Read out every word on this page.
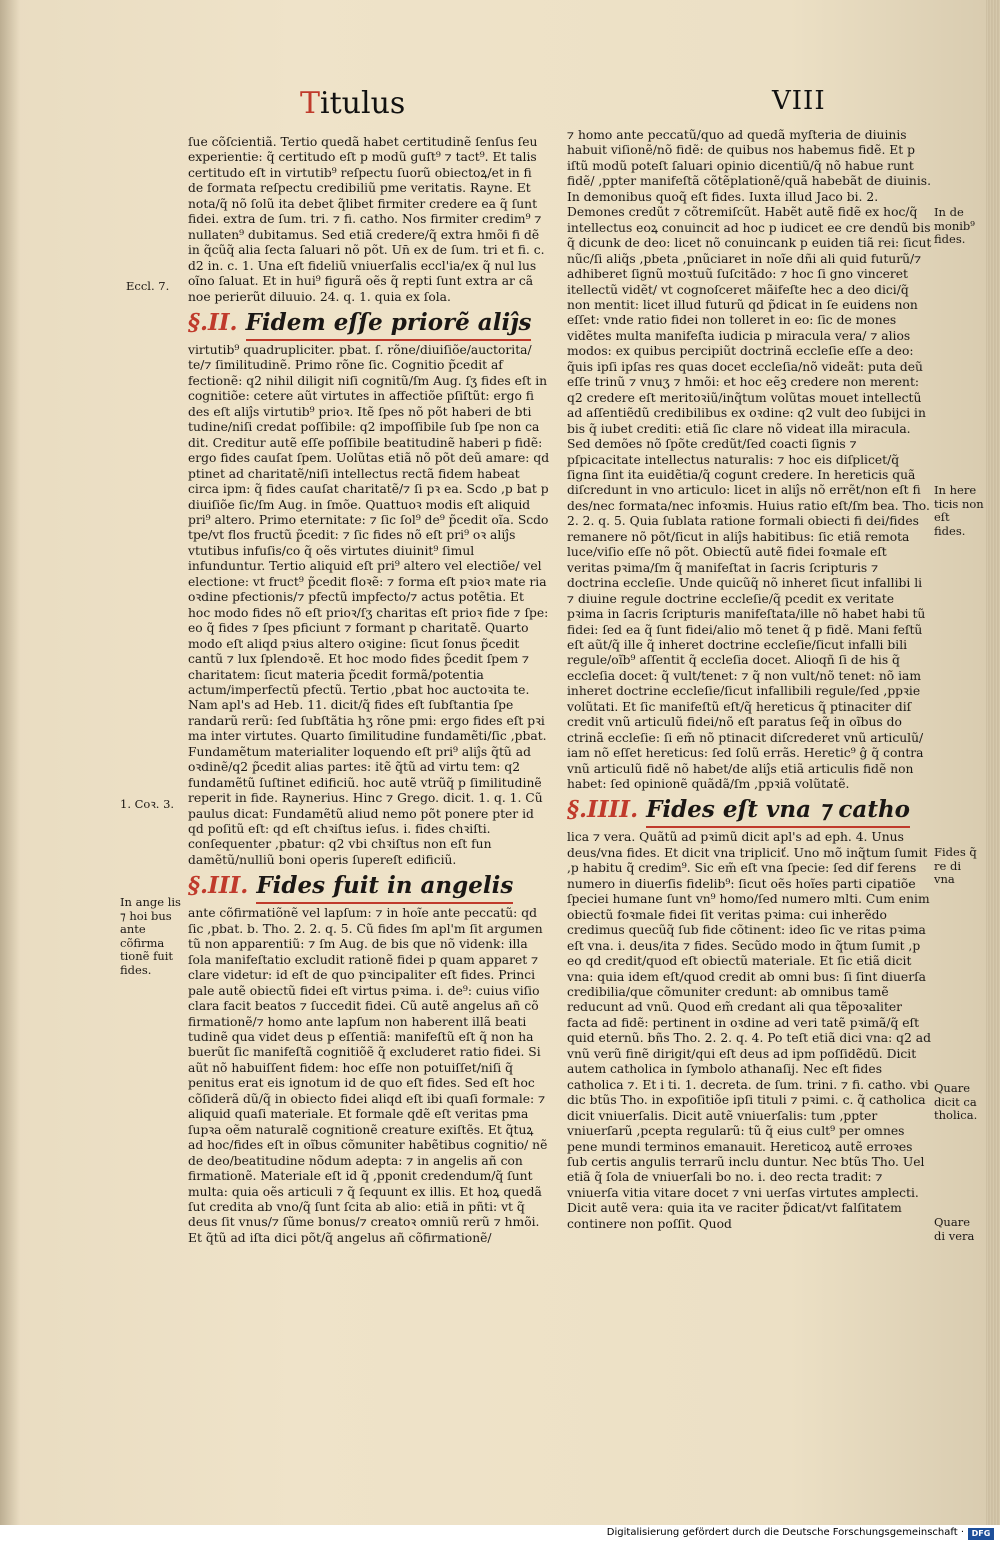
Titulus	VIII

ſue cõſcientiã. Tertio quedã habet certitudinẽ ſenſus ſeu experientie: q̃ certitudo eſt p modũ guſt⁹ ⁊ tact⁹. Et talis certitudo eſt in virtutib⁹ reſpectu ſuorũ obiectoꝝ/et in fi de formata reſpectu credibiliũ pme veritatis. Rayne. Et nota/q̃ nõ ſolũ ita debet q̃libet firmiter credere ea q̃ ſunt fidei. extra de ſum. tri. ⁊ fi. catho. Nos firmiter credim⁹ ⁊ nullaten⁹ dubitamus. Sed etiã credere/q̃ extra hmõi fi dẽ in q̃cũq̃ alia ſecta ſaluari nõ põt. Un̄ ex de ſum. tri et fi. c. d2 in. c. 1. Una eſt fideliũ vniuerſalis eccl'ia/ex q̃ nul lus oĩno ſaluat. Et in hui⁹ figurã oẽs q̃ repti ſunt extra ar cã noe perierũt diluuio. 24. q. 1. quia ex ſola.

§.II. Fidem eſſe priorẽ aliĵs

virtutib⁹ quadrupliciter. pbat. ſ. rõne/diuiſiõe/auctorita/ te/⁊ ſimilitudinẽ. Primo rõne ſic. Cognitio p̃cedit af fectionẽ: q2 nihil diligit niſi cognitũ/ſm Aug. ſʒ fides eſt in cognitiõe: cetere aũt virtutes in affectiõe pſiſtũt: ergo fi des eſt aliĵs virtutib⁹ prioꝛ. Itẽ ſpes nõ põt haberi de bti tudine/niſi credat poſſibile: q2 impoſſibile ſub ſpe non ca dit. Creditur autẽ eſſe poſſibile beatitudinẽ haberi p fidẽ: ergo fides cauſat ſpem. Uolũtas etiã nõ põt deũ amare: qd ptinet ad charitatẽ/niſi intellectus rectã fidem habeat circa ipm: q̃ fides cauſat charitatẽ/⁊ ſi pꝛ ea. Scdo ,p bat p diuiſiõe ſic/ſm Aug. in ſmõe. Quattuoꝛ modis eſt aliquid pri⁹ altero. Primo eternitate: ⁊ ſic ſol⁹ de⁹ p̃cedit oĩa. Scdo tpe/vt flos fructũ p̃cedit: ⁊ ſic fides nõ eſt pri⁹ oꝛ aliĵs vtutibus infuſis/co q̃ oẽs virtutes diuinit⁹ ſimul infunduntur. Tertio aliquid eſt pri⁹ altero vel electiõe/ vel electione: vt fruct⁹ p̃cedit floꝛẽ: ⁊ forma eſt pꝛioꝛ mate ria oꝛdine pfectionis/⁊ pfectũ impfecto/⁊ actus potẽtia. Et hoc modo fides nõ eſt prioꝛ/ſʒ charitas eſt prioꝛ fide ⁊ ſpe: eo q̃ fides ⁊ ſpes pficiunt ⁊ formant p charitatẽ. Quarto modo eſt aliqd pꝛius altero oꝛigine: ſicut ſonus p̃cedit cantũ ⁊ lux ſplendoꝛẽ. Et hoc modo fides p̃cedit ſpem ⁊ charitatem: ſicut materia p̃cedit formã/potentia actum/imperfectũ pfectũ. Tertio ,pbat hoc auctoꝛita te. Nam apl's ad Heb. 11. dicit/q̃ fides eſt ſubſtantia ſpe randarũ rerũ: ſed ſubſtãtia hʒ rõne pmi: ergo fides eſt pꝛi ma inter virtutes. Quarto ſimilitudine fundamẽti/ſic ,pbat. Fundamẽtum materialiter loquendo eſt pri⁹ aliĵs q̃tũ ad oꝛdinẽ/q2 p̃cedit alias partes: itẽ q̃tũ ad virtu tem: q2 fundamẽtũ ſuſtinet edificiũ. hoc autẽ vtrũq̃ p ſimilitudinẽ reperit in fide. Raynerius. Hinc ⁊ Grego. dicit. 1. q. 1. Cũ paulus dicat: Fundamẽtũ aliud nemo põt ponere pter id qd poſitũ eſt: qd eſt chꝛiſtus ieſus. i. fides chꝛiſti. conſequenter ,pbatur: q2 vbi chꝛiſtus non eſt fun damẽtũ/nulliũ boni operis ſupereſt edificiũ.

§.III. Fides fuit in angelis

ante cõfirmatiõnẽ vel lapſum: ⁊ in hoĩe ante peccatũ: qd ſic ,pbat. b. Tho. 2. 2. q. 5. Cũ fides ſm apl'm ſit argumen tũ non apparentiũ: ⁊ ſm Aug. de bis que nõ videnk: illa ſola manifeſtatio excludit rationẽ fidei p quam apparet ⁊ clare videtur: id eſt de quo pꝛincipaliter eſt fides. Princi pale autẽ obiectũ fidei eſt virtus pꝛima. i. de⁹: cuius viſio clara facit beatos ⁊ ſuccedit fidei. Cũ autẽ angelus añ cõ firmationẽ/⁊ homo ante lapſum non haberent illã beati tudinẽ qua videt deus p eſſentiã: manifeſtũ eſt q̃ non ha buerũt ſic manifeſtã cognitiõẽ q̃ excluderet ratio fidei. Si aũt nõ habuiſſent fidem: hoc eſſe non potuiſſet/niſi q̃ penitus erat eis ignotum id de quo eſt fides. Sed eſt hoc cõſiderã dũ/q̃ in obiecto fidei aliqd eſt ibi quaſi formale: ⁊ aliquid quaſi materiale. Et formale qdẽ eſt veritas pma ſupꝛa oẽm naturalẽ cognitionẽ creature exiſtẽs. Et q̃tuꝝ ad hoc/fides eſt in oĩbus cõmuniter habẽtibus cognitio/ nẽ de deo/beatitudine nõdum adepta: ⁊ in angelis añ con firmationẽ. Materiale eſt id q̃ ,pponit credendum/q̃ ſunt multa: quia oẽs articuli ⁊ q̃ ſequunt ex illis. Et hoꝝ quedã ſut credita ab vno/q̃ ſunt ſcita ab alio: etiã in pñti: vt q̃ deus ſit vnus/⁊ ſũme bonus/⁊ creatoꝛ omniũ rerũ ⁊ hmõi. Et q̃tũ ad iſta dici põt/q̃ angelus añ cõfirmationẽ/

⁊ homo ante peccatũ/quo ad quedã myſteria de diuinis habuit viſionẽ/nõ fidẽ: de quibus nos habemus fidẽ. Et p iſtũ modũ poteſt ſaluari opinio dicentiũ/q̃ nõ habue runt fidẽ/ ,ppter manifeſtã cõtẽplationẽ/quã habebãt de diuinis. In demonibus quoq̃ eſt fides. Iuxta illud Jaco bi. 2. Demones credũt ⁊ cõtremiſcũt. Habẽt autẽ fidẽ ex hoc/q̃ intellectus eoꝝ conuincit ad hoc p iudicet ee cre dendũ bis q̃ dicunk de deo: licet nõ conuincank p euiden tiã rei: ſicut nũc/ſi aliq̃s ,pbeta ,pnũciaret in noĩe dñi ali quid futurũ/⁊ adhiberet ſignũ moꝛtuũ ſuſcitãdo: ⁊ hoc ſi gno vinceret itellectũ vidẽt/ vt cognoſceret mãifeſte hec a deo dici/q̃ non mentit: licet illud futurũ qd p̃dicat in ſe euidens non eſſet: vnde ratio fidei non tolleret in eo: ſic de mones vidẽtes multa manifeſta iudicia p miracula vera/ ⁊ alios modos: ex quibus percipiũt doctrinã eccleſie eſſe a deo: q̃uis ipſi ipſas res quas docet eccleſia/nõ videãt: puta deũ eſſe trinũ ⁊ vnuʒ ⁊ hmõi: et hoc eẽꝫ credere non merent: q2 credere eſt meritoꝛiũ/inq̃tum volũtas mouet intellectũ ad aſſentiẽdũ credibilibus ex oꝛdine: q2 vult deo ſubijci in bis q̃ iubet crediti: etiã ſic clare nõ videat illa miracula. Sed demões nõ ſpõte credũt/ſed coacti ſignis ⁊ pſpicacitate intellectus naturalis: ⁊ hoc eis diſplicet/q̃ ſigna ſint ita euidẽtia/q̃ cogunt credere. In hereticis quã diſcredunt in vno articulo: licet in aliĵs nõ errẽt/non eſt fi des/nec formata/nec infoꝛmis. Huius ratio eſt/ſm bea. Tho. 2. 2. q. 5. Quia ſublata ratione formali obiecti fi dei/fides remanere nõ põt/ſicut in aliĵs habitibus: ſic etiã remota luce/viſio eſſe nõ põt. Obiectũ autẽ fidei foꝛmale eſt veritas pꝛima/ſm q̃ manifeſtat in ſacris ſcripturis ⁊ doctrina eccleſie. Unde quicũq̃ nõ inheret ſicut infallibi li ⁊ diuine regule doctrine eccleſie/q̃ pcedit ex veritate pꝛima in ſacris ſcripturis manifeſtata/ille nõ habet habi tũ fidei: ſed ea q̃ ſunt fidei/alio mõ tenet q̃ p fidẽ. Mani feſtũ eſt aũt/q̃ ille q̃ inheret doctrine eccleſie/ſicut infalli bili regule/oĩb⁹ aſſentit q̃ eccleſia docet. Alioqñ ſi de his q̃ eccleſia docet: q̃ vult/tenet: ⁊ q̃ non vult/nõ tenet: nõ iam inheret doctrine eccleſie/ſicut infallibili regule/ſed ,ppꝛie volũtati. Et ſic manifeſtũ eſt/q̃ hereticus q̃ ptinaciter diſ credit vnũ articulũ fidei/nõ eſt paratus ſeq̃ in oĩbus do ctrinã eccleſie: ſi em̃ nõ ptinacit diſcrederet vnũ articulũ/ iam nõ eſſet hereticus: ſed ſolũ errãs. Heretic⁹ ĝ q̃ contra vnũ articulũ fidẽ nõ habet/de aliĵs etiã articulis fidẽ non habet: ſed opinionẽ quãdã/ſm ,ppꝛiã volũtatẽ.

§.IIII. Fides eſt vna ⁊ catho

lica ⁊ vera. Quãtũ ad pꝛimũ dicit apl's ad eph. 4. Unus deus/vna fides. Et dicit vna tripliciť. Uno mõ inq̃tum ſumit ,p habitu q̃ credim⁹. Sic em̃ eſt vna ſpecie: ſed dif ferens numero in diuerſis fidelib⁹: ſicut oẽs hoĩes parti cipatiõe ſpeciei humane ſunt vn⁹ homo/ſed numero mlti. Cum enim obiectũ foꝛmale fidei ſit veritas pꝛima: cui inherẽdo credimus quecũq̃ ſub fide cõtinent: ideo ſic ve ritas pꝛima eſt vna. i. deus/ita ⁊ fides. Secũdo modo in q̃tum ſumit ,p eo qd credit/quod eſt obiectũ materiale. Et ſic etiã dicit vna: quia idem eſt/quod credit ab omni bus: ſi ſint diuerſa credibilia/que cõmuniter credunt: ab omnibus tamẽ reducunt ad vnũ. Quod em̃ credant ali qua tẽpoꝛaliter facta ad fidẽ: pertinent in oꝛdine ad veri tatẽ pꝛimã/q̃ eſt quid eternũ. bñs Tho. 2. 2. q. 4. Po teſt etiã dici vna: q2 ad vnũ verũ finẽ dirigit/qui eſt deus ad ipm poſſidẽdũ. Dicit autem catholica in ſymbolo athanaſij. Nec eſt fides catholica ⁊. Et i ti. 1. decreta. de ſum. trini. ⁊ fi. catho. vbi dic btũs Tho. in expoſitiõe ipſi tituli ⁊ pꝛimi. c. q̃ catholica dicit vniuerſalis. Dicit autẽ vniuerſalis: tum ,ppter vniuerſarũ ,pcepta regularũ: tũ q̃ eius cult⁹ per omnes pene mundi terminos emanauit. Hereticoꝝ autẽ erroꝛes ſub certis angulis terrarũ inclu duntur. Nec btũs Tho. Uel etiã q̃ ſola de vniuerſali bo no. i. deo recta tradit: ⁊ vniuerſa vitia vitare docet ⁊ vni uerſas virtutes amplecti. Dicit autẽ vera: quia ita ve raciter p̃dicat/vt falſitatem continere non poſſit. Quod

Eccl. 7.
1. Coꝛ. 3.
In ange lis ⁊ hoi bus ante cõfirma tionẽ fuit fides.
In de monib⁹ fides.
In here ticis non eſt fides.
Fides q̃ re di vna
Quare dicit ca tholica.
Quare di vera
Digitalisierung gefördert durch die Deutsche Forschungsgemeinschaft · DFG
